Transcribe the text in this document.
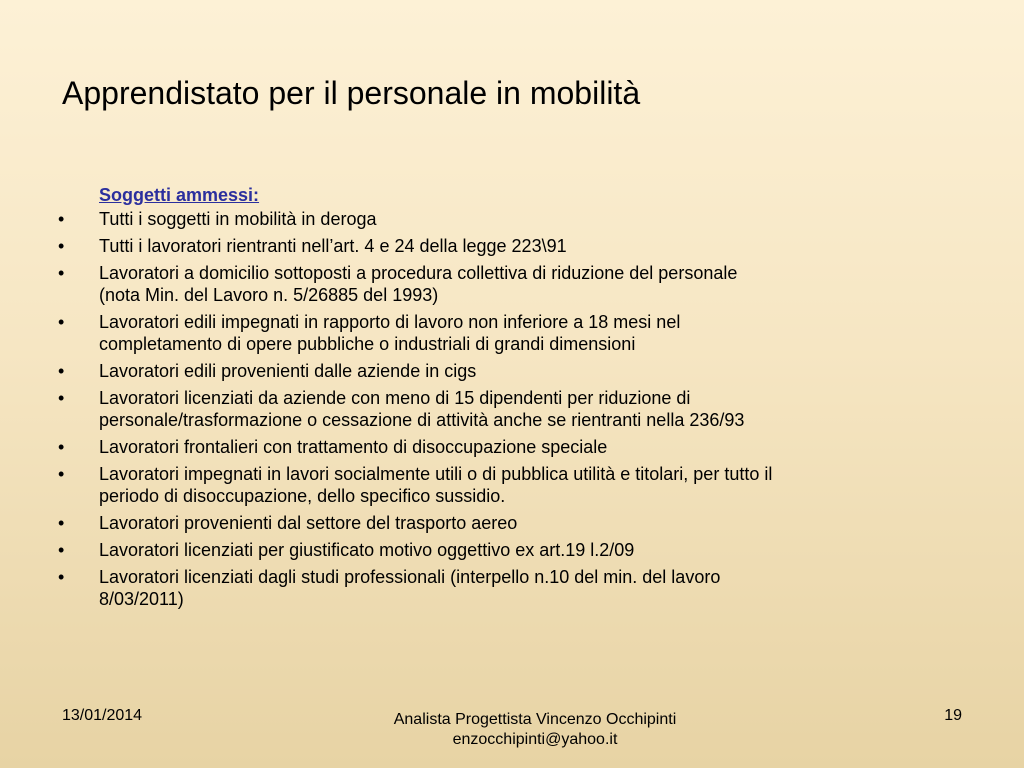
Apprendistato per il personale in mobilità
Soggetti ammessi:
• Tutti i soggetti in mobilità in deroga
• Tutti i lavoratori rientranti nell’art. 4 e 24 della legge 223\91
• Lavoratori a domicilio sottoposti a procedura collettiva di riduzione del personale
(nota Min. del Lavoro n. 5/26885 del 1993)
• Lavoratori edili impegnati in rapporto di lavoro non inferiore a 18 mesi nel
completamento di opere pubbliche o industriali di grandi dimensioni
• Lavoratori edili provenienti dalle aziende in cigs
• Lavoratori licenziati da aziende con meno di 15 dipendenti per riduzione di
personale/trasformazione o cessazione di attività anche se rientranti nella 236/93
• Lavoratori frontalieri con trattamento di disoccupazione speciale
• Lavoratori impegnati in lavori socialmente utili o di pubblica utilità e titolari, per tutto il
periodo di disoccupazione, dello specifico sussidio.
• Lavoratori provenienti dal settore del trasporto aereo
• Lavoratori licenziati per giustificato motivo oggettivo ex art.19 l.2/09
• Lavoratori licenziati dagli studi professionali (interpello n.10 del min. del lavoro
8/03/2011)
13/01/2014	Analista Progettista Vincenzo Occhipinti
enzocchipinti@yahoo.it
19
